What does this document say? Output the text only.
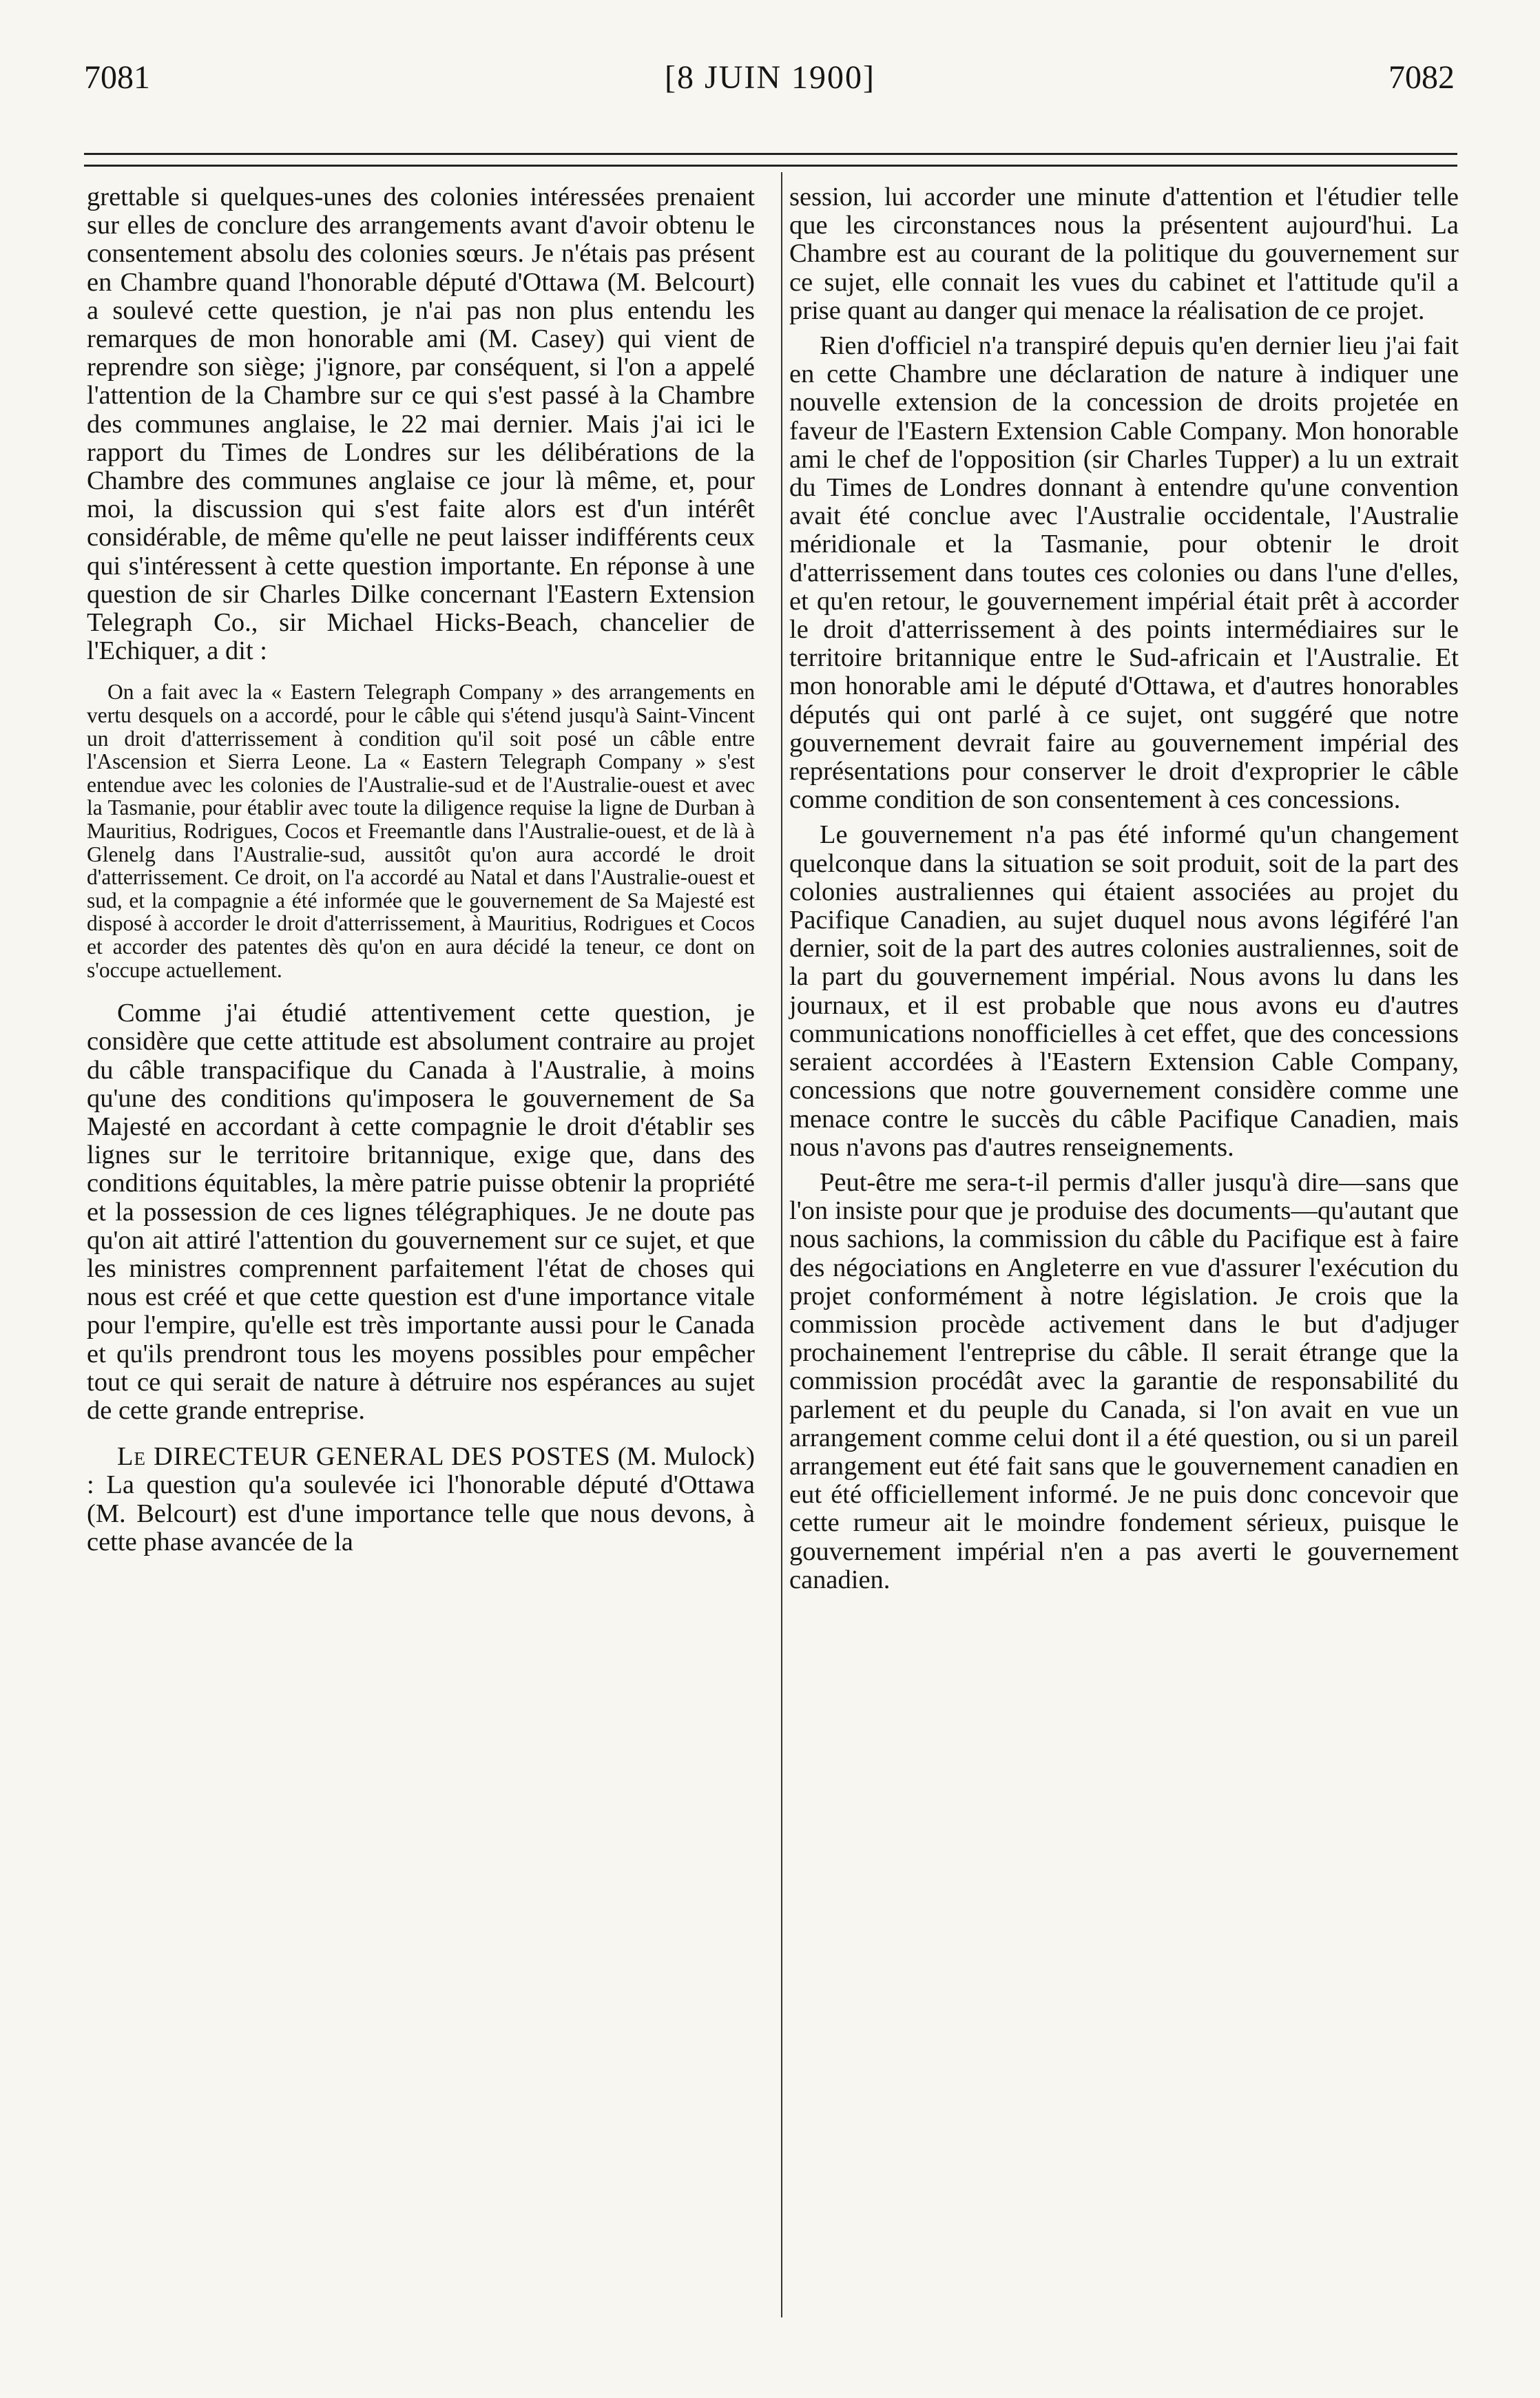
7081	[8 JUIN 1900]	7082

grettable si quelques-unes des colonies intéressées prenaient sur elles de conclure des arrangements avant d'avoir obtenu le consentement absolu des colonies sœurs. Je n'étais pas présent en Chambre quand l'honorable député d'Ottawa (M. Belcourt) a soulevé cette question, je n'ai pas non plus entendu les remarques de mon honorable ami (M. Casey) qui vient de reprendre son siège; j'ignore, par conséquent, si l'on a appelé l'attention de la Chambre sur ce qui s'est passé à la Chambre des communes anglaise, le 22 mai dernier. Mais j'ai ici le rapport du Times de Londres sur les délibérations de la Chambre des communes anglaise ce jour là même, et, pour moi, la discussion qui s'est faite alors est d'un intérêt considérable, de même qu'elle ne peut laisser indifférents ceux qui s'intéressent à cette question importante. En réponse à une question de sir Charles Dilke concernant l'Eastern Extension Telegraph Co., sir Michael Hicks-Beach, chancelier de l'Echiquer, a dit :

On a fait avec la « Eastern Telegraph Company » des arrangements en vertu desquels on a accordé, pour le câble qui s'étend jusqu'à Saint-Vincent un droit d'atterrissement à condition qu'il soit posé un câble entre l'Ascension et Sierra Leone. La « Eastern Telegraph Company » s'est entendue avec les colonies de l'Australie-sud et de l'Australie-ouest et avec la Tasmanie, pour établir avec toute la diligence requise la ligne de Durban à Mauritius, Rodrigues, Cocos et Freemantle dans l'Australie-ouest, et de là à Glenelg dans l'Australie-sud, aussitôt qu'on aura accordé le droit d'atterrissement. Ce droit, on l'a accordé au Natal et dans l'Australie-ouest et sud, et la compagnie a été informée que le gouvernement de Sa Majesté est disposé à accorder le droit d'atterrissement, à Mauritius, Rodrigues et Cocos et accorder des patentes dès qu'on en aura décidé la teneur, ce dont on s'occupe actuellement.

Comme j'ai étudié attentivement cette question, je considère que cette attitude est absolument contraire au projet du câble transpacifique du Canada à l'Australie, à moins qu'une des conditions qu'imposera le gouvernement de Sa Majesté en accordant à cette compagnie le droit d'établir ses lignes sur le territoire britannique, exige que, dans des conditions équitables, la mère patrie puisse obtenir la propriété et la possession de ces lignes télégraphiques. Je ne doute pas qu'on ait attiré l'attention du gouvernement sur ce sujet, et que les ministres comprennent parfaitement l'état de choses qui nous est créé et que cette question est d'une importance vitale pour l'empire, qu'elle est très importante aussi pour le Canada et qu'ils prendront tous les moyens possibles pour empêcher tout ce qui serait de nature à détruire nos espérances au sujet de cette grande entreprise.

Le DIRECTEUR GENERAL DES POSTES (M. Mulock) : La question qu'a soulevée ici l'honorable député d'Ottawa (M. Belcourt) est d'une importance telle que nous devons, à cette phase avancée de la

session, lui accorder une minute d'attention et l'étudier telle que les circonstances nous la présentent aujourd'hui. La Chambre est au courant de la politique du gouvernement sur ce sujet, elle connait les vues du cabinet et l'attitude qu'il a prise quant au danger qui menace la réalisation de ce projet.

Rien d'officiel n'a transpiré depuis qu'en dernier lieu j'ai fait en cette Chambre une déclaration de nature à indiquer une nouvelle extension de la concession de droits projetée en faveur de l'Eastern Extension Cable Company. Mon honorable ami le chef de l'opposition (sir Charles Tupper) a lu un extrait du Times de Londres donnant à entendre qu'une convention avait été conclue avec l'Australie occidentale, l'Australie méridionale et la Tasmanie, pour obtenir le droit d'atterrissement dans toutes ces colonies ou dans l'une d'elles, et qu'en retour, le gouvernement impérial était prêt à accorder le droit d'atterrissement à des points intermédiaires sur le territoire britannique entre le Sud-africain et l'Australie. Et mon honorable ami le député d'Ottawa, et d'autres honorables députés qui ont parlé à ce sujet, ont suggéré que notre gouvernement devrait faire au gouvernement impérial des représentations pour conserver le droit d'exproprier le câble comme condition de son consentement à ces concessions.

Le gouvernement n'a pas été informé qu'un changement quelconque dans la situation se soit produit, soit de la part des colonies australiennes qui étaient associées au projet du Pacifique Canadien, au sujet duquel nous avons légiféré l'an dernier, soit de la part des autres colonies australiennes, soit de la part du gouvernement impérial. Nous avons lu dans les journaux, et il est probable que nous avons eu d'autres communications nonofficielles à cet effet, que des concessions seraient accordées à l'Eastern Extension Cable Company, concessions que notre gouvernement considère comme une menace contre le succès du câble Pacifique Canadien, mais nous n'avons pas d'autres renseignements.

Peut-être me sera-t-il permis d'aller jusqu'à dire—sans que l'on insiste pour que je produise des documents—qu'autant que nous sachions, la commission du câble du Pacifique est à faire des négociations en Angleterre en vue d'assurer l'exécution du projet conformément à notre législation. Je crois que la commission procède activement dans le but d'adjuger prochainement l'entreprise du câble. Il serait étrange que la commission procédât avec la garantie de responsabilité du parlement et du peuple du Canada, si l'on avait en vue un arrangement comme celui dont il a été question, ou si un pareil arrangement eut été fait sans que le gouvernement canadien en eut été officiellement informé. Je ne puis donc concevoir que cette rumeur ait le moindre fondement sérieux, puisque le gouvernement impérial n'en a pas averti le gouvernement canadien.
